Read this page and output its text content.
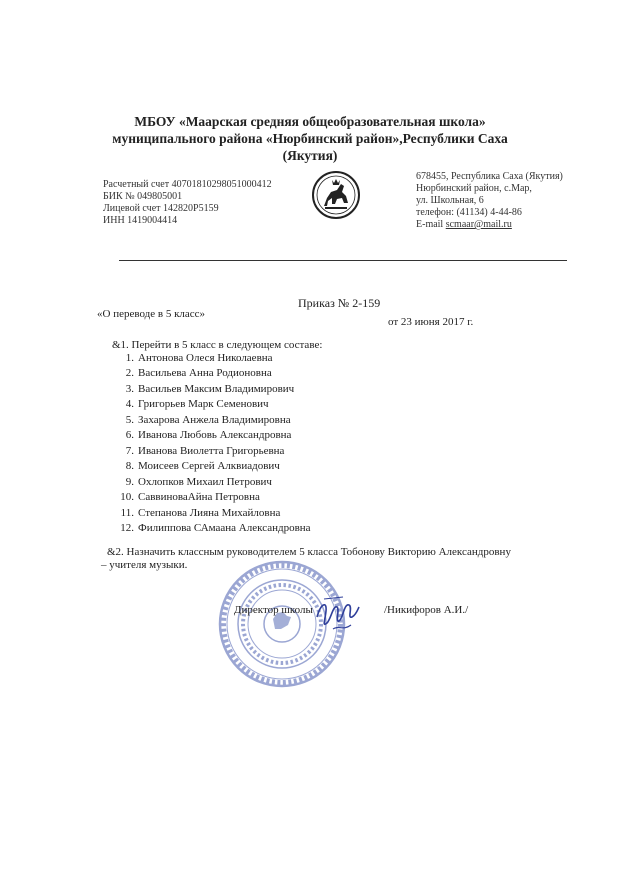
МБОУ «Маарская средняя общеобразовательная школа»
муниципального района «Нюрбинский район»,Республики Саха
(Якутия)
Расчетный счет 40701810298051000412
БИК № 049805001
Лицевой счет 142820Р5159
ИНН 1419004414
678455, Республика Саха (Якутия)
Нюрбинский район, с.Мар,
ул. Школьная, 6
телефон: (41134) 4-44-86
E-mail scmaar@mail.ru
Приказ № 2-159
«О переводе в 5 класс»
от 23 июня 2017 г.
&1. Перейти в 5 класс в следующем составе:
1. Антонова Олеся Николаевна
2. Васильева Анна Родионовна
3. Васильев Максим Владимирович
4. Григорьев Марк Семенович
5. Захарова Анжела Владимировна
6. Иванова Любовь Александровна
7. Иванова Виолетта Григорьевна
8. Моисеев Сергей Алквиадович
9. Охлопков Михаил Петрович
10. СаввиноваАйна Петровна
11. Степанова Лияна Михайловна
12. Филиппова САмаана Александровна
&2. Назначить классным руководителем 5 класса Тобонову Викторию Александровну
– учителя музыки.
Директор школы	/Никифоров А.И./
